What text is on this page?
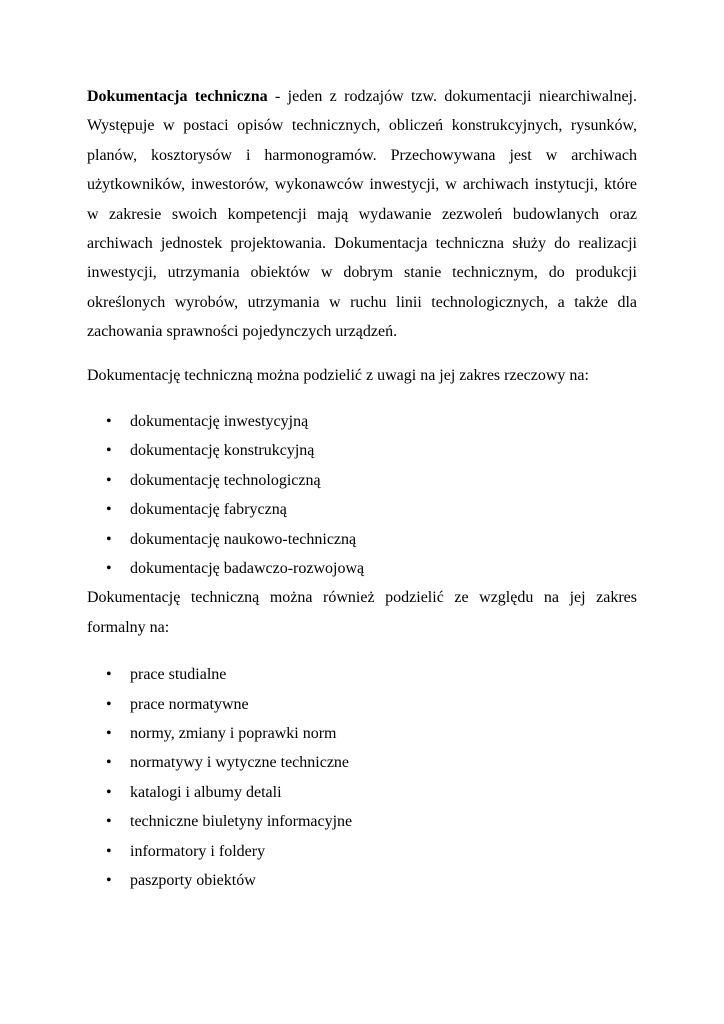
Dokumentacja techniczna - jeden z rodzajów tzw. dokumentacji niearchiwalnej. Występuje w postaci opisów technicznych, obliczeń konstrukcyjnych, rysunków, planów, kosztorysów i harmonogramów. Przechowywana jest w archiwach użytkowników, inwestorów, wykonawców inwestycji, w archiwach instytucji, które w zakresie swoich kompetencji mają wydawanie zezwoleń budowlanych oraz archiwach jednostek projektowania. Dokumentacja techniczna służy do realizacji inwestycji, utrzymania obiektów w dobrym stanie technicznym, do produkcji określonych wyrobów, utrzymania w ruchu linii technologicznych, a także dla zachowania sprawności pojedynczych urządzeń.

Dokumentację techniczną można podzielić z uwagi na jej zakres rzeczowy na:

• dokumentację inwestycyjną
• dokumentację konstrukcyjną
• dokumentację technologiczną
• dokumentację fabryczną
• dokumentację naukowo-techniczną
• dokumentację badawczo-rozwojową

Dokumentację techniczną można również podzielić ze względu na jej zakres formalny na:

• prace studialne
• prace normatywne
• normy, zmiany i poprawki norm
• normatywy i wytyczne techniczne
• katalogi i albumy detali
• techniczne biuletyny informacyjne
• informatory i foldery
• paszporty obiektów
